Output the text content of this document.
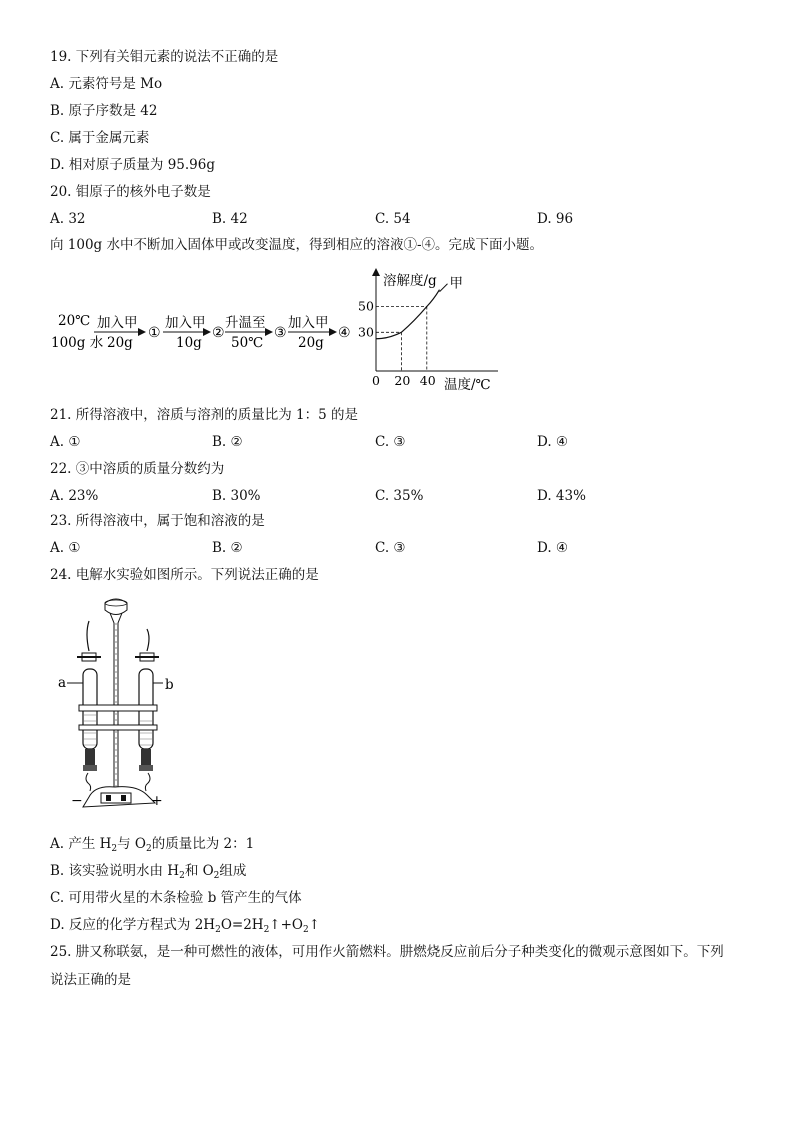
19. 下列有关钼元素的说法不正确的是
A. 元素符号是 Mo
B. 原子序数是 42
C. 属于金属元素
D. 相对原子质量为 95.96g
20. 钼原子的核外电子数是
A. 32	B. 42	C. 54	D. 96
向 100g 水中不断加入固体甲或改变温度，得到相应的溶液①-④。完成下面小题。
20℃
100g 水
加入甲
20g
①
加入甲
10g
②
升温至
50℃
③
加入甲
20g
④
溶解度/g
温度/℃
甲
0 20 40
30
50
21. 所得溶液中，溶质与溶剂的质量比为 1：5 的是
A. ①	B. ②	C. ③	D. ④
22. ③中溶质的质量分数约为
A. 23%	B. 30%	C. 35%	D. 43%
23. 所得溶液中，属于饱和溶液的是
A. ①	B. ②	C. ③	D. ④
24. 电解水实验如图所示。下列说法正确的是
a	b
−	+
A. 产生 $H_2$与 $O_2$的质量比为 2：1
B. 该实验说明水由 $H_2$和 $O_2$组成
C. 可用带火星的木条检验 b 管产生的气体
D. 反应的化学方程式为 $2H_2O=2H_2↑+O_2↑$
25. 肼又称联氨，是一种可燃性的液体，可用作火箭燃料。肼燃烧反应前后分子种类变化的微观示意图如下。下列
说法正确的是
